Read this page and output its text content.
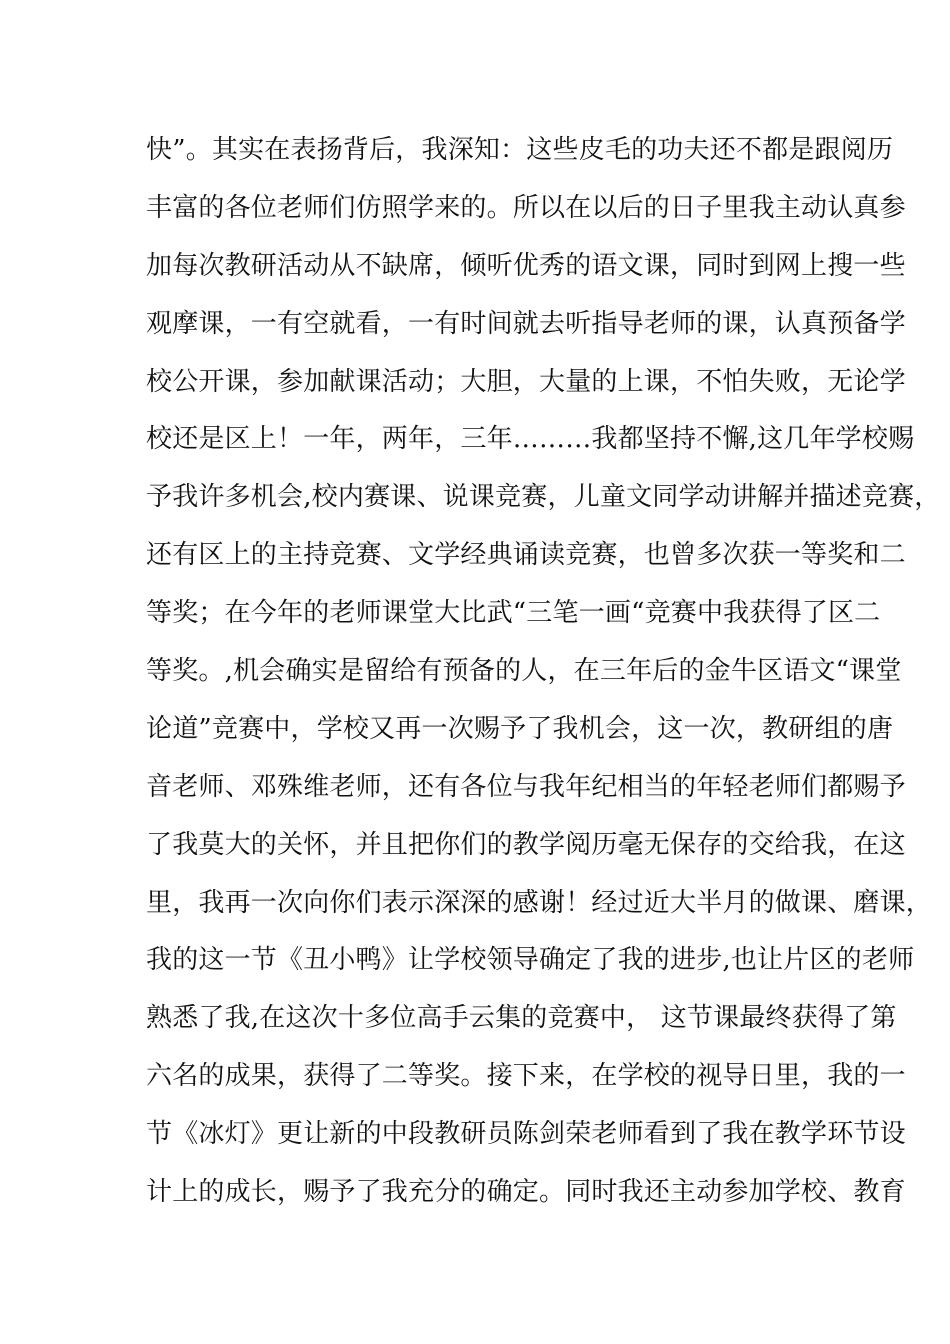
快”。其实在表扬背后，我深知：这些皮毛的功夫还不都是跟阅历
丰富的各位老师们仿照学来的。所以在以后的日子里我主动认真参
加每次教研活动从不缺席，倾听优秀的语文课，同时到网上搜一些
观摩课，一有空就看，一有时间就去听指导老师的课，认真预备学
校公开课，参加献课活动；大胆，大量的上课，不怕失败，无论学
校还是区上！一年，两年，三年………我都坚持不懈,这几年学校赐
予我许多机会,校内赛课、说课竞赛，儿童文同学动讲解并描述竞赛，
还有区上的主持竞赛、文学经典诵读竞赛，也曾多次获一等奖和二
等奖；在今年的老师课堂大比武“三笔一画“竞赛中我获得了区二
等奖。,机会确实是留给有预备的人，在三年后的金牛区语文“课堂
论道”竞赛中，学校又再一次赐予了我机会，这一次，教研组的唐
音老师、邓殊维老师，还有各位与我年纪相当的年轻老师们都赐予
了我莫大的关怀，并且把你们的教学阅历毫无保存的交给我，在这
里，我再一次向你们表示深深的感谢！经过近大半月的做课、磨课，
我的这一节《丑小鸭》让学校领导确定了我的进步,也让片区的老师
熟悉了我,在这次十多位高手云集的竞赛中， 这节课最终获得了第
六名的成果，获得了二等奖。接下来，在学校的视导日里，我的一
节《冰灯》更让新的中段教研员陈剑荣老师看到了我在教学环节设
计上的成长，赐予了我充分的确定。同时我还主动参加学校、教育
